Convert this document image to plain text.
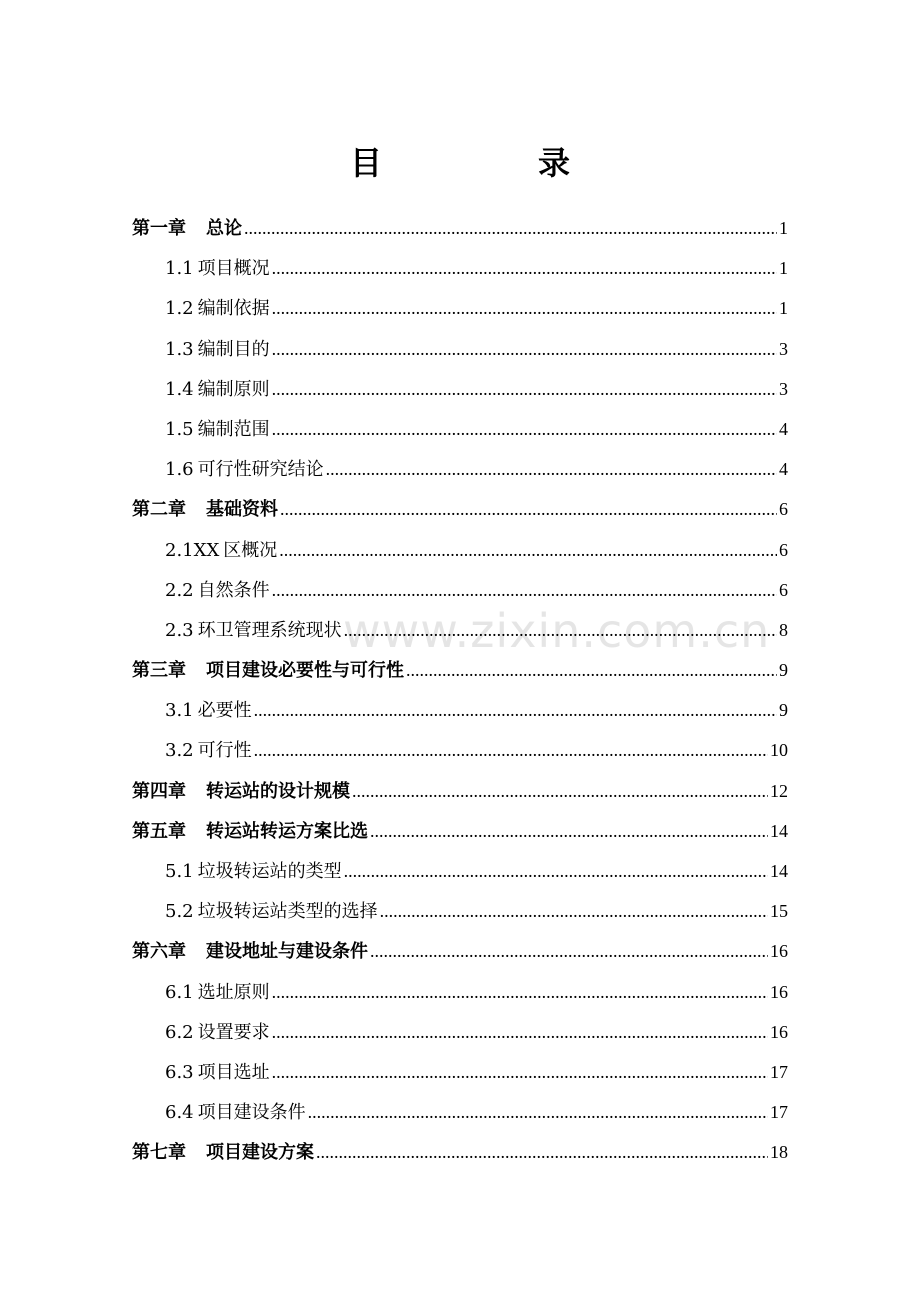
www.zixin.com.cn
目　录
第一章 总论 .....	1
1.1 项目概况 .....	1
1.2 编制依据 .....	1
1.3 编制目的 .....	3
1.4 编制原则 .....	3
1.5 编制范围 .....	4
1.6 可行性研究结论 .....	4
第二章 基础资料 .....	6
2.1XX 区概况 .....	6
2.2 自然条件 .....	6
2.3 环卫管理系统现状 .....	8
第三章 项目建设必要性与可行性 .....	9
3.1 必要性 .....	9
3.2 可行性 .....	10
第四章 转运站的设计规模 .....	12
第五章 转运站转运方案比选 .....	14
5.1 垃圾转运站的类型 .....	14
5.2 垃圾转运站类型的选择 .....	15
第六章 建设地址与建设条件 .....	16
6.1 选址原则 .....	16
6.2 设置要求 .....	16
6.3 项目选址 .....	17
6.4 项目建设条件 .....	17
第七章 项目建设方案 .....	18
